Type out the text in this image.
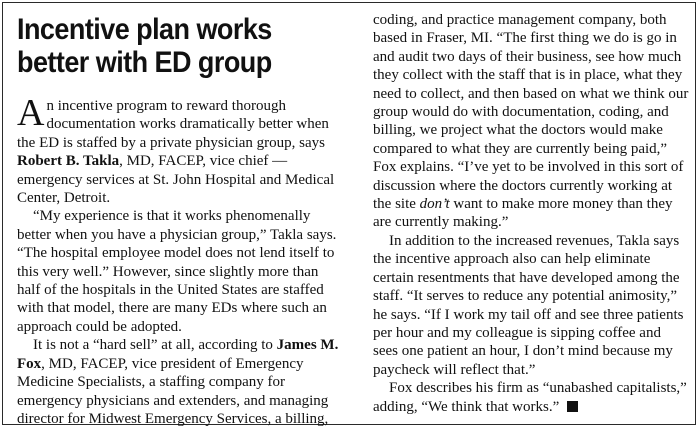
Incentive plan works better with ED group

An incentive program to reward thorough documentation works dramatically better when the ED is staffed by a private physician group, says Robert B. Takla, MD, FACEP, vice chief — emergency services at St. John Hospital and Medical Center, Detroit.

“My experience is that it works phenomenally better when you have a physician group,” Takla says. “The hospital employee model does not lend itself to this very well.” However, since slightly more than half of the hospitals in the United States are staffed with that model, there are many EDs where such an approach could be adopted.

It is not a “hard sell” at all, according to James M. Fox, MD, FACEP, vice president of Emergency Medicine Specialists, a staffing company for emergency physicians and extenders, and managing director for Midwest Emergency Services, a billing,

coding, and practice management company, both based in Fraser, MI. “The first thing we do is go in and audit two days of their business, see how much they collect with the staff that is in place, what they need to collect, and then based on what we think our group would do with documentation, coding, and billing, we project what the doctors would make compared to what they are currently being paid,” Fox explains. “I’ve yet to be involved in this sort of discussion where the doctors currently working at the site don’t want to make more money than they are currently making.”

In addition to the increased revenues, Takla says the incentive approach also can help eliminate certain resentments that have developed among the staff. “It serves to reduce any potential animosity,” he says. “If I work my tail off and see three patients per hour and my colleague is sipping coffee and sees one patient an hour, I don’t mind because my paycheck will reflect that.”

Fox describes his firm as “unabashed capitalists,” adding, “We think that works.”
